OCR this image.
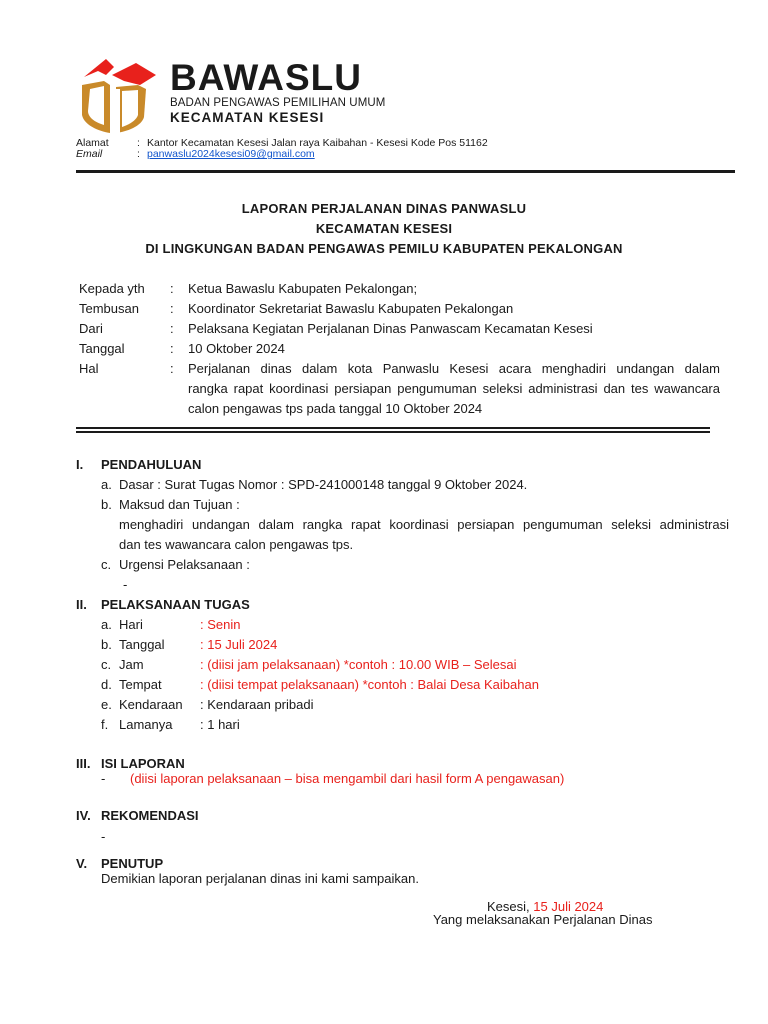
BAWASLU
BADAN PENGAWAS PEMILIHAN UMUM
KECAMATAN KESESI
Alamat	: Kantor Kecamatan Kesesi Jalan raya Kaibahan - Kesesi Kode Pos 51162
Email	: panwaslu2024kesesi09@gmail.com
LAPORAN PERJALANAN DINAS PANWASLU
KECAMATAN KESESI
DI LINGKUNGAN BADAN PENGAWAS PEMILU KABUPATEN PEKALONGAN
Kepada yth : Ketua Bawaslu Kabupaten Pekalongan;
Tembusan : Koordinator Sekretariat Bawaslu Kabupaten Pekalongan
Dari	: Pelaksana Kegiatan Perjalanan Dinas Panwascam Kecamatan Kesesi
Tanggal	: 10 Oktober 2024
Hal	: Perjalanan dinas dalam kota Panwaslu Kesesi acara menghadiri undangan dalam
rangka rapat koordinasi persiapan pengumuman seleksi administrasi dan tes wawancara
calon pengawas tps pada tanggal 10 Oktober 2024
I. PENDAHULUAN
a. Dasar : Surat Tugas Nomor : SPD-241000148 tanggal 9 Oktober 2024.
b. Maksud dan Tujuan :
menghadiri undangan dalam rangka rapat koordinasi persiapan pengumuman seleksi administrasi
dan tes wawancara calon pengawas tps.
c. Urgensi Pelaksanaan :
-
II. PELAKSANAAN TUGAS
a. Hari	: Senin
b. Tanggal	: 15 Juli 2024
c. Jam	: (diisi jam pelaksanaan) *contoh : 10.00 WIB – Selesai
d. Tempat	: (diisi tempat pelaksanaan) *contoh : Balai Desa Kaibahan
e. Kendaraan : Kendaraan pribadi
f. Lamanya : 1 hari
III. ISI LAPORAN
- (diisi laporan pelaksanaan – bisa mengambil dari hasil form A pengawasan)
IV. REKOMENDASI
-
V. PENUTUP
Demikian laporan perjalanan dinas ini kami sampaikan.
Kesesi, 15 Juli 2024
Yang melaksanakan Perjalanan Dinas
